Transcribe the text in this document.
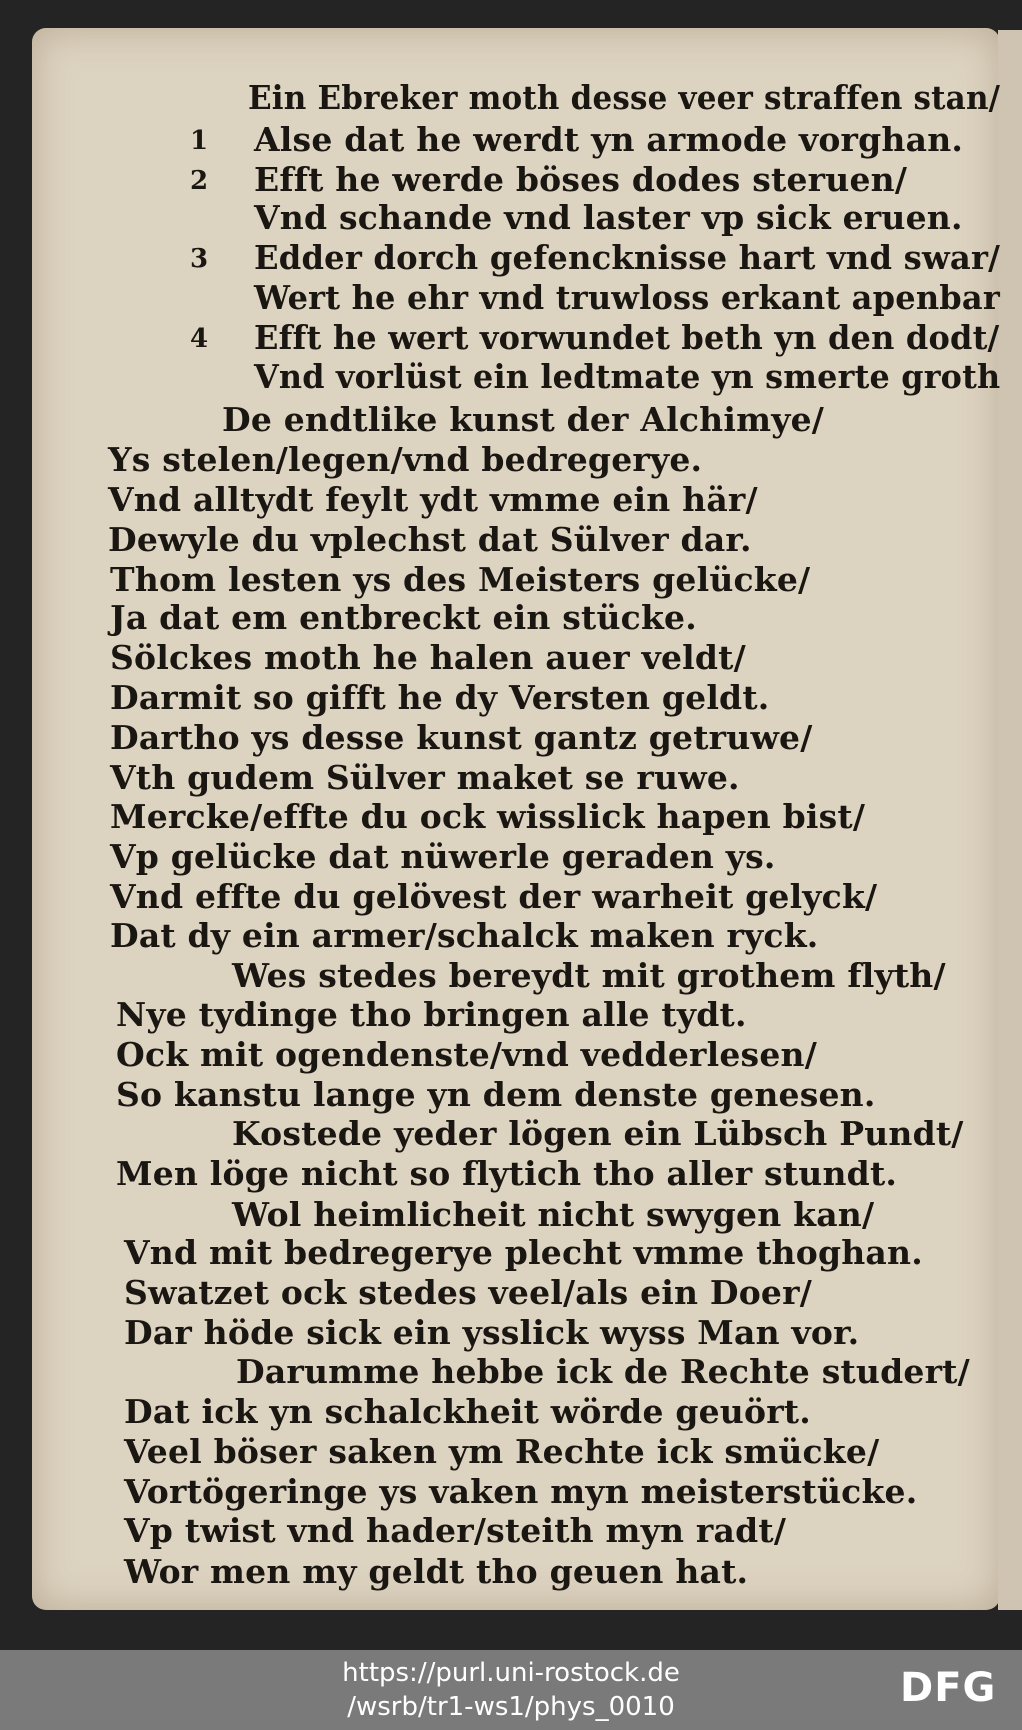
Ein Ebreker moth desse veer straffen stan/
Alse dat he werdt yn armode vorghan.
Efft he werde böses dodes steruen/
Vnd schande vnd laster vp sick eruen.
Edder dorch gefencknisse hart vnd swar/
Wert he ehr vnd truwloss erkant apenbar
Efft he wert vorwundet beth yn den dodt/
Vnd vorlüst ein ledtmate yn smerte groth
De endtlike kunst der Alchimye/
Ys stelen/legen/vnd bedregerye.
Vnd alltydt feylt ydt vmme ein här/
Dewyle du vplechst dat Sülver dar.
Thom lesten ys des Meisters gelücke/
Ja dat em entbreckt ein stücke.
Sölckes moth he halen auer veldt/
Darmit so gifft he dy Versten geldt.
Dartho ys desse kunst gantz getruwe/
Vth gudem Sülver maket se ruwe.
Mercke/effte du ock wisslick hapen bist/
Vp gelücke dat nüwerle geraden ys.
Vnd effte du gelövest der warheit gelyck/
Dat dy ein armer/schalck maken ryck.
Wes stedes bereydt mit grothem flyth/
Nye tydinge tho bringen alle tydt.
Ock mit ogendenste/vnd vedderlesen/
So kanstu lange yn dem denste genesen.
Kostede yeder lögen ein Lübsch Pundt/
Men löge nicht so flytich tho aller stundt.
Wol heimlicheit nicht swygen kan/
Vnd mit bedregerye plecht vmme thoghan.
Swatzet ock stedes veel/als ein Doer/
Dar höde sick ein ysslick wyss Man vor.
Darumme hebbe ick de Rechte studert/
Dat ick yn schalckheit wörde geuört.
Veel böser saken ym Rechte ick smücke/
Vortögeringe ys vaken myn meisterstücke.
Vp twist vnd hader/steith myn radt/
Wor men my geldt tho geuen hat.
1
2
3
4
https://purl.uni-rostock.de
/wsrb/tr1-ws1/phys_0010	DFG
